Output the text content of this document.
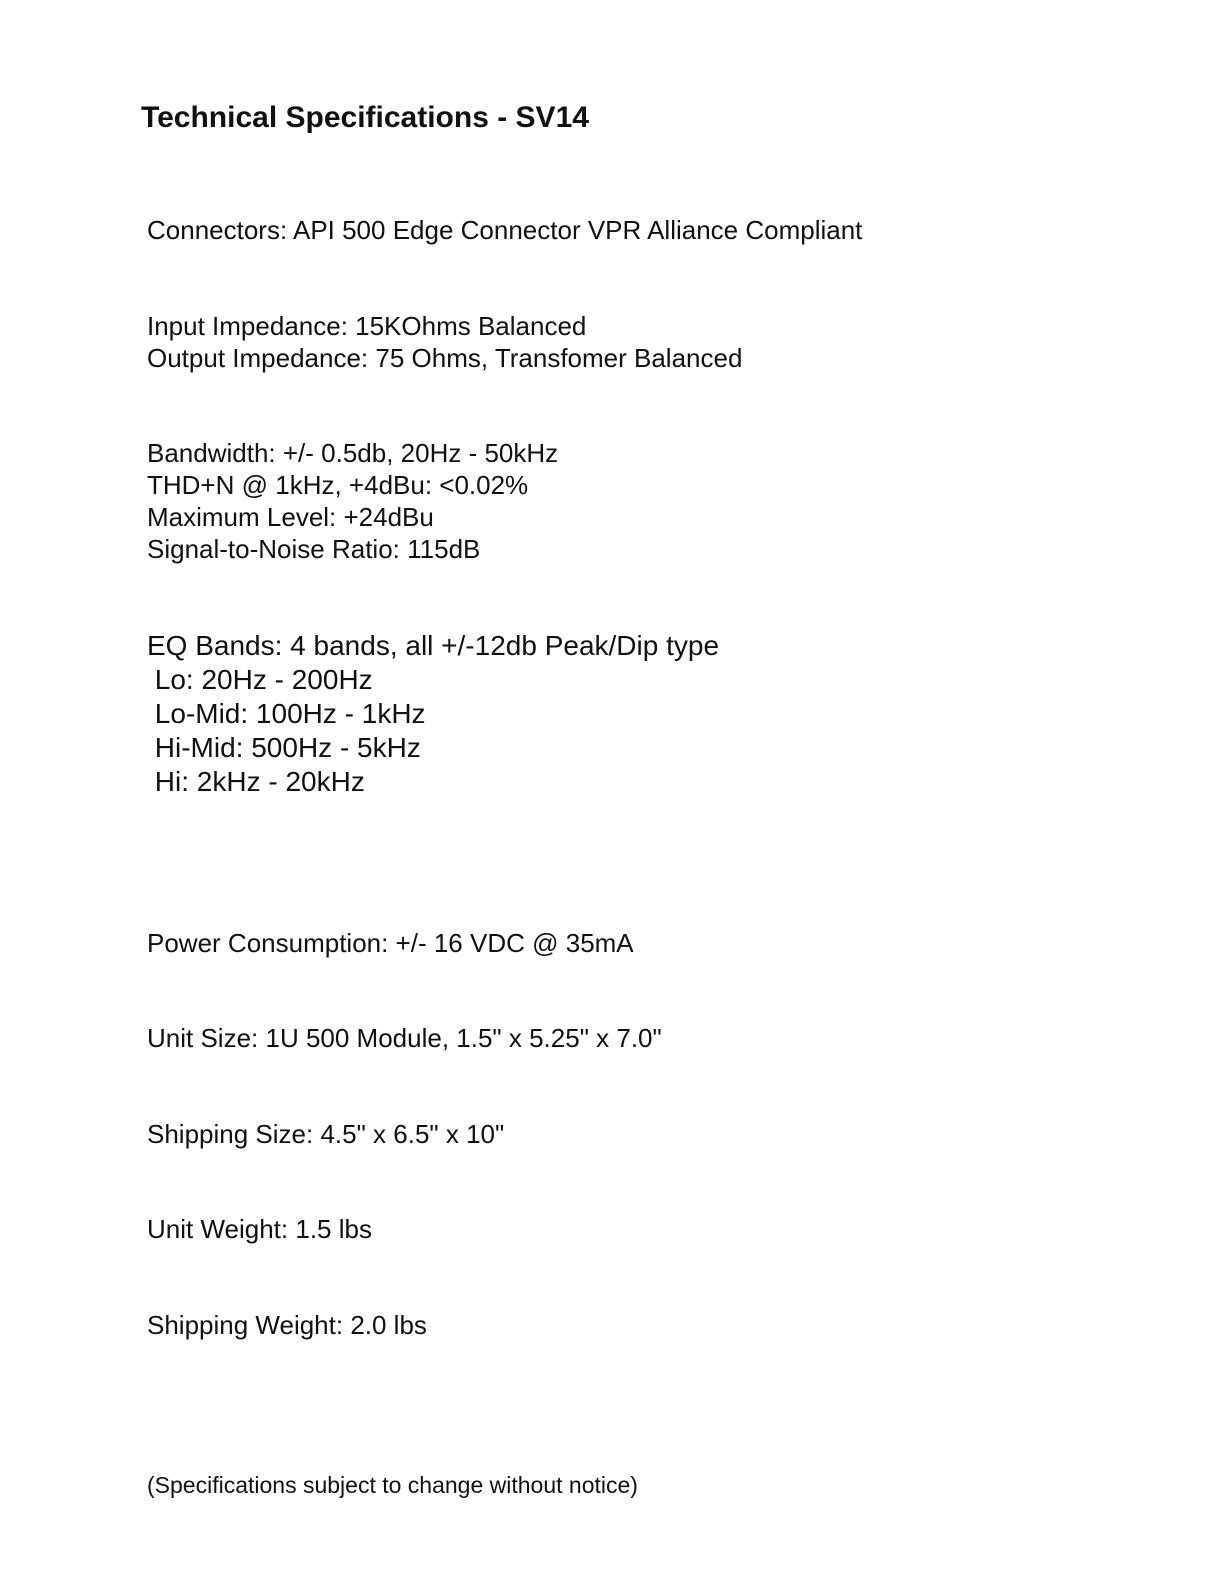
Technical Specifications - SV14
Connectors: API 500 Edge Connector VPR Alliance Compliant
Input Impedance: 15KOhms Balanced
Output Impedance: 75 Ohms, Transfomer Balanced
Bandwidth: +/- 0.5db, 20Hz - 50kHz
THD+N @ 1kHz, +4dBu: <0.02%
Maximum Level: +24dBu
Signal-to-Noise Ratio: 115dB
EQ Bands: 4 bands, all +/-12db Peak/Dip type
Lo: 20Hz - 200Hz
Lo-Mid: 100Hz - 1kHz
Hi-Mid: 500Hz - 5kHz
Hi: 2kHz - 20kHz
Power Consumption: +/- 16 VDC @ 35mA
Unit Size: 1U 500 Module, 1.5" x 5.25" x 7.0"
Shipping Size: 4.5" x 6.5" x 10"
Unit Weight: 1.5 lbs
Shipping Weight: 2.0 lbs
(Specifications subject to change without notice)
